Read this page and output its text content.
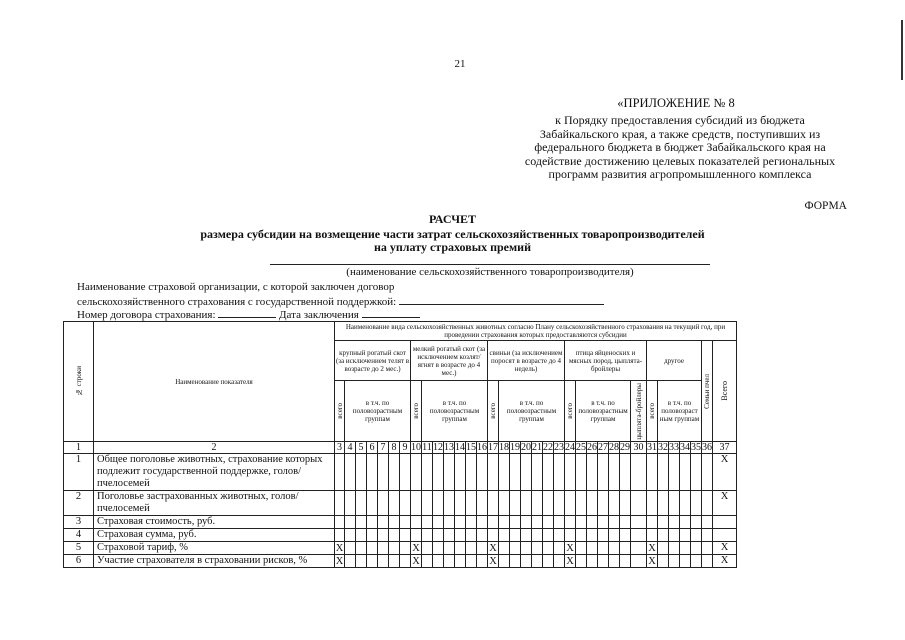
21
«ПРИЛОЖЕНИЕ № 8
к Порядку предоставления субсидий из бюджета
Забайкальского края, а также средств, поступивших из
федерального бюджета в бюджет Забайкальского края на
содействие достижению целевых показателей региональных
программ развития агропромышленного комплекса
ФОРМА
РАСЧЕТ
размера субсидии на возмещение части затрат сельскохозяйственных товаропроизводителей
на уплату страховых премий
(наименование сельскохозяйственного товаропроизводителя)
Наименование страховой организации, с которой заключен договор
сельскохозяйственного страхования с государственной поддержкой:
Номер договора страхования:	Дата заключения
№ строки	Наименование показателя	Наименование вида сельскохозяйственных животных согласно Плану сельскохозяйственного страхования на текущий год, при проведении страхования которых предоставляются субсидии																																		
		крупный рогатый скот (за исключением телят в возрасте до 2 мес.)							мелкий рогатый скот (за исключением козлят/ягнят в возрасте до 4 мес.)							свиньи (за исключением поросят в возрасте до 4 недель)							птица яйценоских и мясных пород, цыплята-бройлеры							другое					Семьи пчел	Всего

		всего	в т.ч. по половозрастным группам						всего	в т.ч. по половозрастным группам						всего	в т.ч. по половозрастным группам						всего	в т.ч. по половозрастным группам					цыплята-бройлеры	всего	в т.ч. по половозраст ным группам					
1	2	3	4	5	6	7	8	9	10	11	12	13	14	15	16	17	18	19	20	21	22	23	24	25	26	27	28	29	30	31	32	33	34	35	36	37
1	Общее поголовье животных, страхование которых подлежит государственной поддержке, голов/пчелосемей																																			X
2	Поголовье застрахованных животных, голов/пчелосемей																																			X
3	Страховая стоимость, руб.																																			
4	Страховая сумма, руб.																																			
5	Страховой тариф, %	X							X							X							X							X						X
6	Участие страхователя в страховании рисков, %	X							X							X							X							X						X
